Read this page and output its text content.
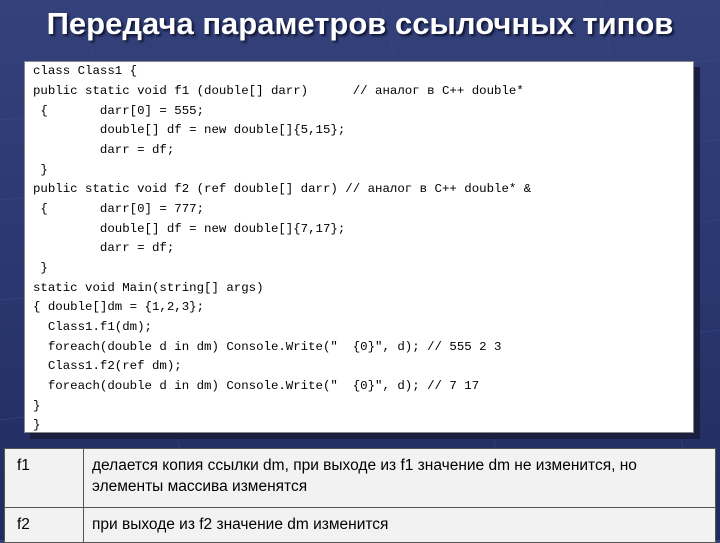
Передача параметров ссылочных типов
class Class1 {
public static void f1 (double[] darr)      // аналог в C++ double*
{       darr[0] = 555;
double[] df = new double[]{5,15};
darr = df;
}
public static void f2 (ref double[] darr) // аналог в C++ double* &
{       darr[0] = 777;
double[] df = new double[]{7,17};
darr = df;
}
static void Main(string[] args)
{ double[]dm = {1,2,3};
Class1.f1(dm);
foreach(double d in dm) Console.Write("  {0}", d); // 555 2 3
Class1.f2(ref dm);
foreach(double d in dm) Console.Write("  {0}", d); // 7 17
}
}
f1	делается копия ссылки dm, при выходе из f1 значение dm не изменится, но элементы массива изменятся
f2	при выходе из f2 значение dm изменится
